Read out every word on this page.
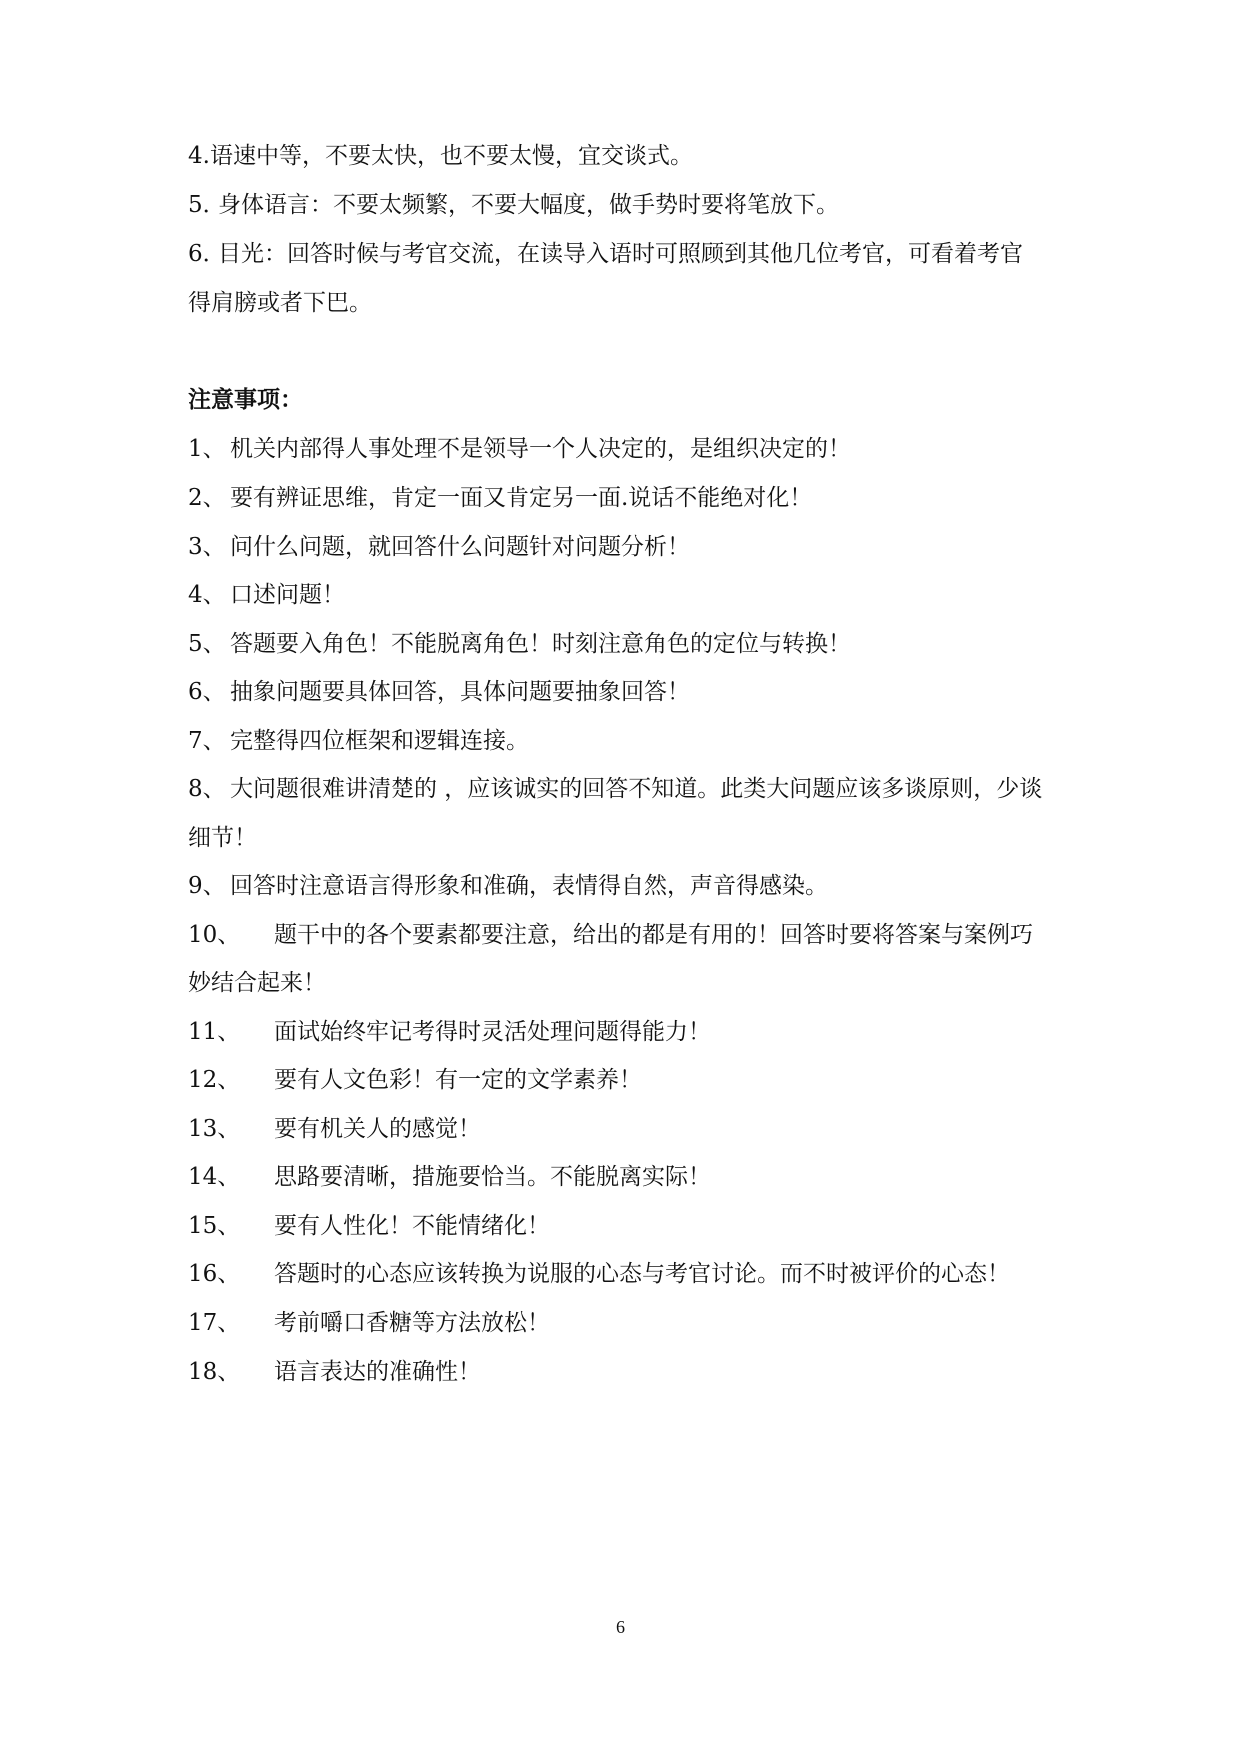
4.语速中等，不要太快，也不要太慢，宜交谈式。
5．身体语言：不要太频繁，不要大幅度，做手势时要将笔放下。
6．目光：回答时候与考官交流，在读导入语时可照顾到其他几位考官，可看着考官
得肩膀或者下巴。
注意事项：
1、 机关内部得人事处理不是领导一个人决定的，是组织决定的！
2、 要有辨证思维，肯定一面又肯定另一面.说话不能绝对化！
3、 问什么问题，就回答什么问题针对问题分析！
4、 口述问题！
5、 答题要入角色！不能脱离角色！时刻注意角色的定位与转换！
6、 抽象问题要具体回答，具体问题要抽象回答！
7、 完整得四位框架和逻辑连接。
8、 大问题很难讲清楚的 ，应该诚实的回答不知道。此类大问题应该多谈原则，少谈
细节！
9、 回答时注意语言得形象和准确，表情得自然，声音得感染。
10、 题干中的各个要素都要注意，给出的都是有用的！回答时要将答案与案例巧
妙结合起来！
11、 面试始终牢记考得时灵活处理问题得能力！
12、 要有人文色彩！有一定的文学素养！
13、 要有机关人的感觉！
14、 思路要清晰，措施要恰当。不能脱离实际！
15、 要有人性化！不能情绪化！
16、 答题时的心态应该转换为说服的心态与考官讨论。而不时被评价的心态！
17、 考前嚼口香糖等方法放松！
18、 语言表达的准确性！
6
